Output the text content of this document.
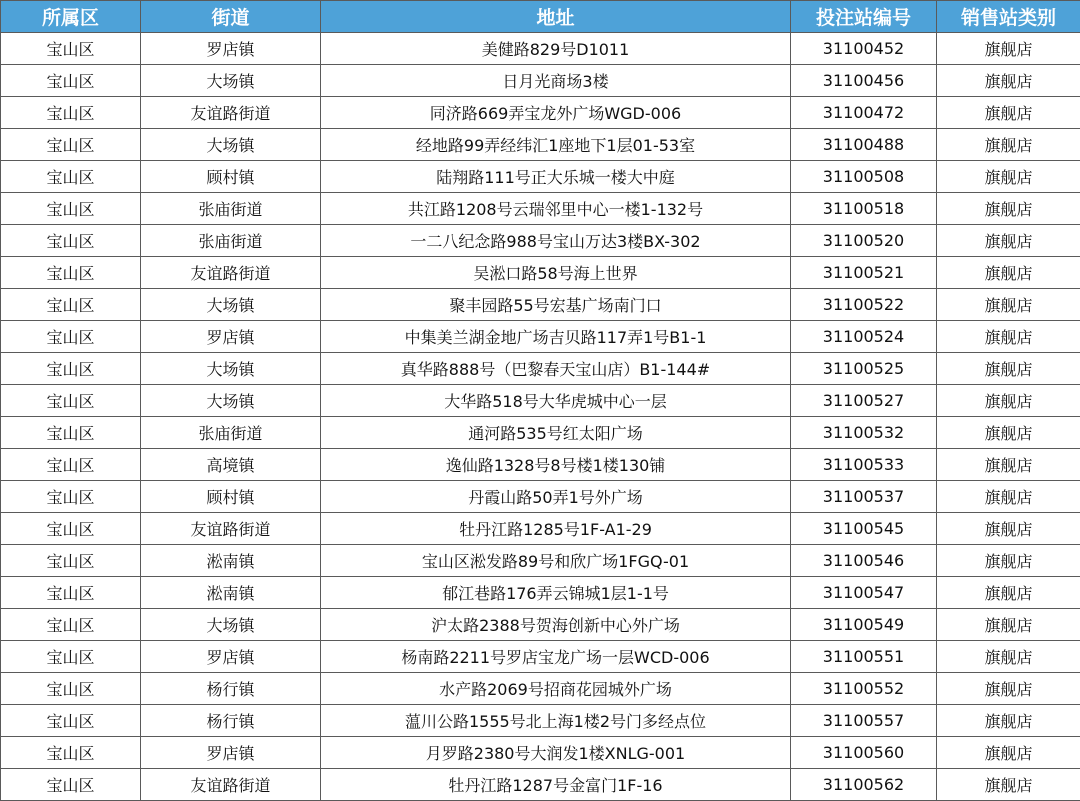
所属区	街道	地址	投注站编号	销售站类别
宝山区	罗店镇	美健路829号D1011	31100452	旗舰店
宝山区	大场镇	日月光商场3楼	31100456	旗舰店
宝山区	友谊路街道	同济路669弄宝龙外广场WGD-006	31100472	旗舰店
宝山区	大场镇	经地路99弄经纬汇1座地下1层01-53室	31100488	旗舰店
宝山区	顾村镇	陆翔路111号正大乐城一楼大中庭	31100508	旗舰店
宝山区	张庙街道	共江路1208号云瑞邻里中心一楼1-132号	31100518	旗舰店
宝山区	张庙街道	一二八纪念路988号宝山万达3楼BX-302	31100520	旗舰店
宝山区	友谊路街道	吴淞口路58号海上世界	31100521	旗舰店
宝山区	大场镇	聚丰园路55号宏基广场南门口	31100522	旗舰店
宝山区	罗店镇	中集美兰湖金地广场吉贝路117弄1号B1-1	31100524	旗舰店
宝山区	大场镇	真华路888号（巴黎春天宝山店）B1-144#	31100525	旗舰店
宝山区	大场镇	大华路518号大华虎城中心一层	31100527	旗舰店
宝山区	张庙街道	通河路535号红太阳广场	31100532	旗舰店
宝山区	高境镇	逸仙路1328号8号楼1楼130铺	31100533	旗舰店
宝山区	顾村镇	丹霞山路50弄1号外广场	31100537	旗舰店
宝山区	友谊路街道	牡丹江路1285号1F-A1-29	31100545	旗舰店
宝山区	淞南镇	宝山区淞发路89号和欣广场1FGQ-01	31100546	旗舰店
宝山区	淞南镇	郁江巷路176弄云锦城1层1-1号	31100547	旗舰店
宝山区	大场镇	沪太路2388号贺海创新中心外广场	31100549	旗舰店
宝山区	罗店镇	杨南路2211号罗店宝龙广场一层WCD-006	31100551	旗舰店
宝山区	杨行镇	水产路2069号招商花园城外广场	31100552	旗舰店
宝山区	杨行镇	蕰川公路1555号北上海1楼2号门多经点位	31100557	旗舰店
宝山区	罗店镇	月罗路2380号大润发1楼XNLG-001	31100560	旗舰店
宝山区	友谊路街道	牡丹江路1287号金富门1F-16	31100562	旗舰店
